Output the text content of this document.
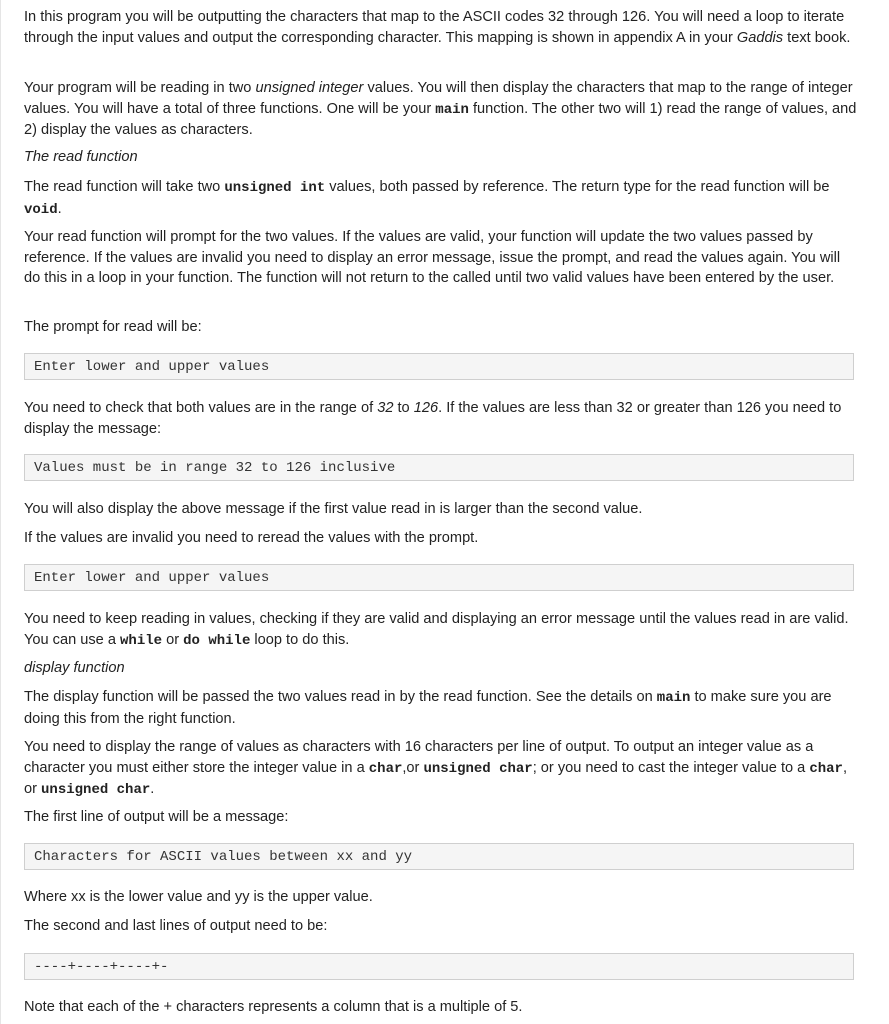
In this program you will be outputting the characters that map to the ASCII codes 32 through 126. You will need a loop to iterate through the input values and output the corresponding character. This mapping is shown in appendix A in your Gaddis text book.

Your program will be reading in two unsigned integer values. You will then display the characters that map to the range of integer values. You will have a total of three functions. One will be your main function. The other two will 1) read the range of values, and 2) display the values as characters.

The read function

The read function will take two unsigned int values, both passed by reference. The return type for the read function will be void.

Your read function will prompt for the two values. If the values are valid, your function will update the two values passed by reference. If the values are invalid you need to display an error message, issue the prompt, and read the values again. You will do this in a loop in your function. The function will not return to the called until two valid values have been entered by the user.

The prompt for read will be:

Enter lower and upper values

You need to check that both values are in the range of 32 to 126. If the values are less than 32 or greater than 126 you need to display the message:

Values must be in range 32 to 126 inclusive

You will also display the above message if the first value read in is larger than the second value.

If the values are invalid you need to reread the values with the prompt.

Enter lower and upper values

You need to keep reading in values, checking if they are valid and displaying an error message until the values read in are valid. You can use a while or do while loop to do this.

display function

The display function will be passed the two values read in by the read function. See the details on main to make sure you are doing this from the right function.

You need to display the range of values as characters with 16 characters per line of output. To output an integer value as a character you must either store the integer value in a char,or unsigned char; or you need to cast the integer value to a char, or unsigned char.

The first line of output will be a message:

Characters for ASCII values between xx and yy

Where xx is the lower value and yy is the upper value.

The second and last lines of output need to be:

----+----+----+-

Note that each of the + characters represents a column that is a multiple of 5.
